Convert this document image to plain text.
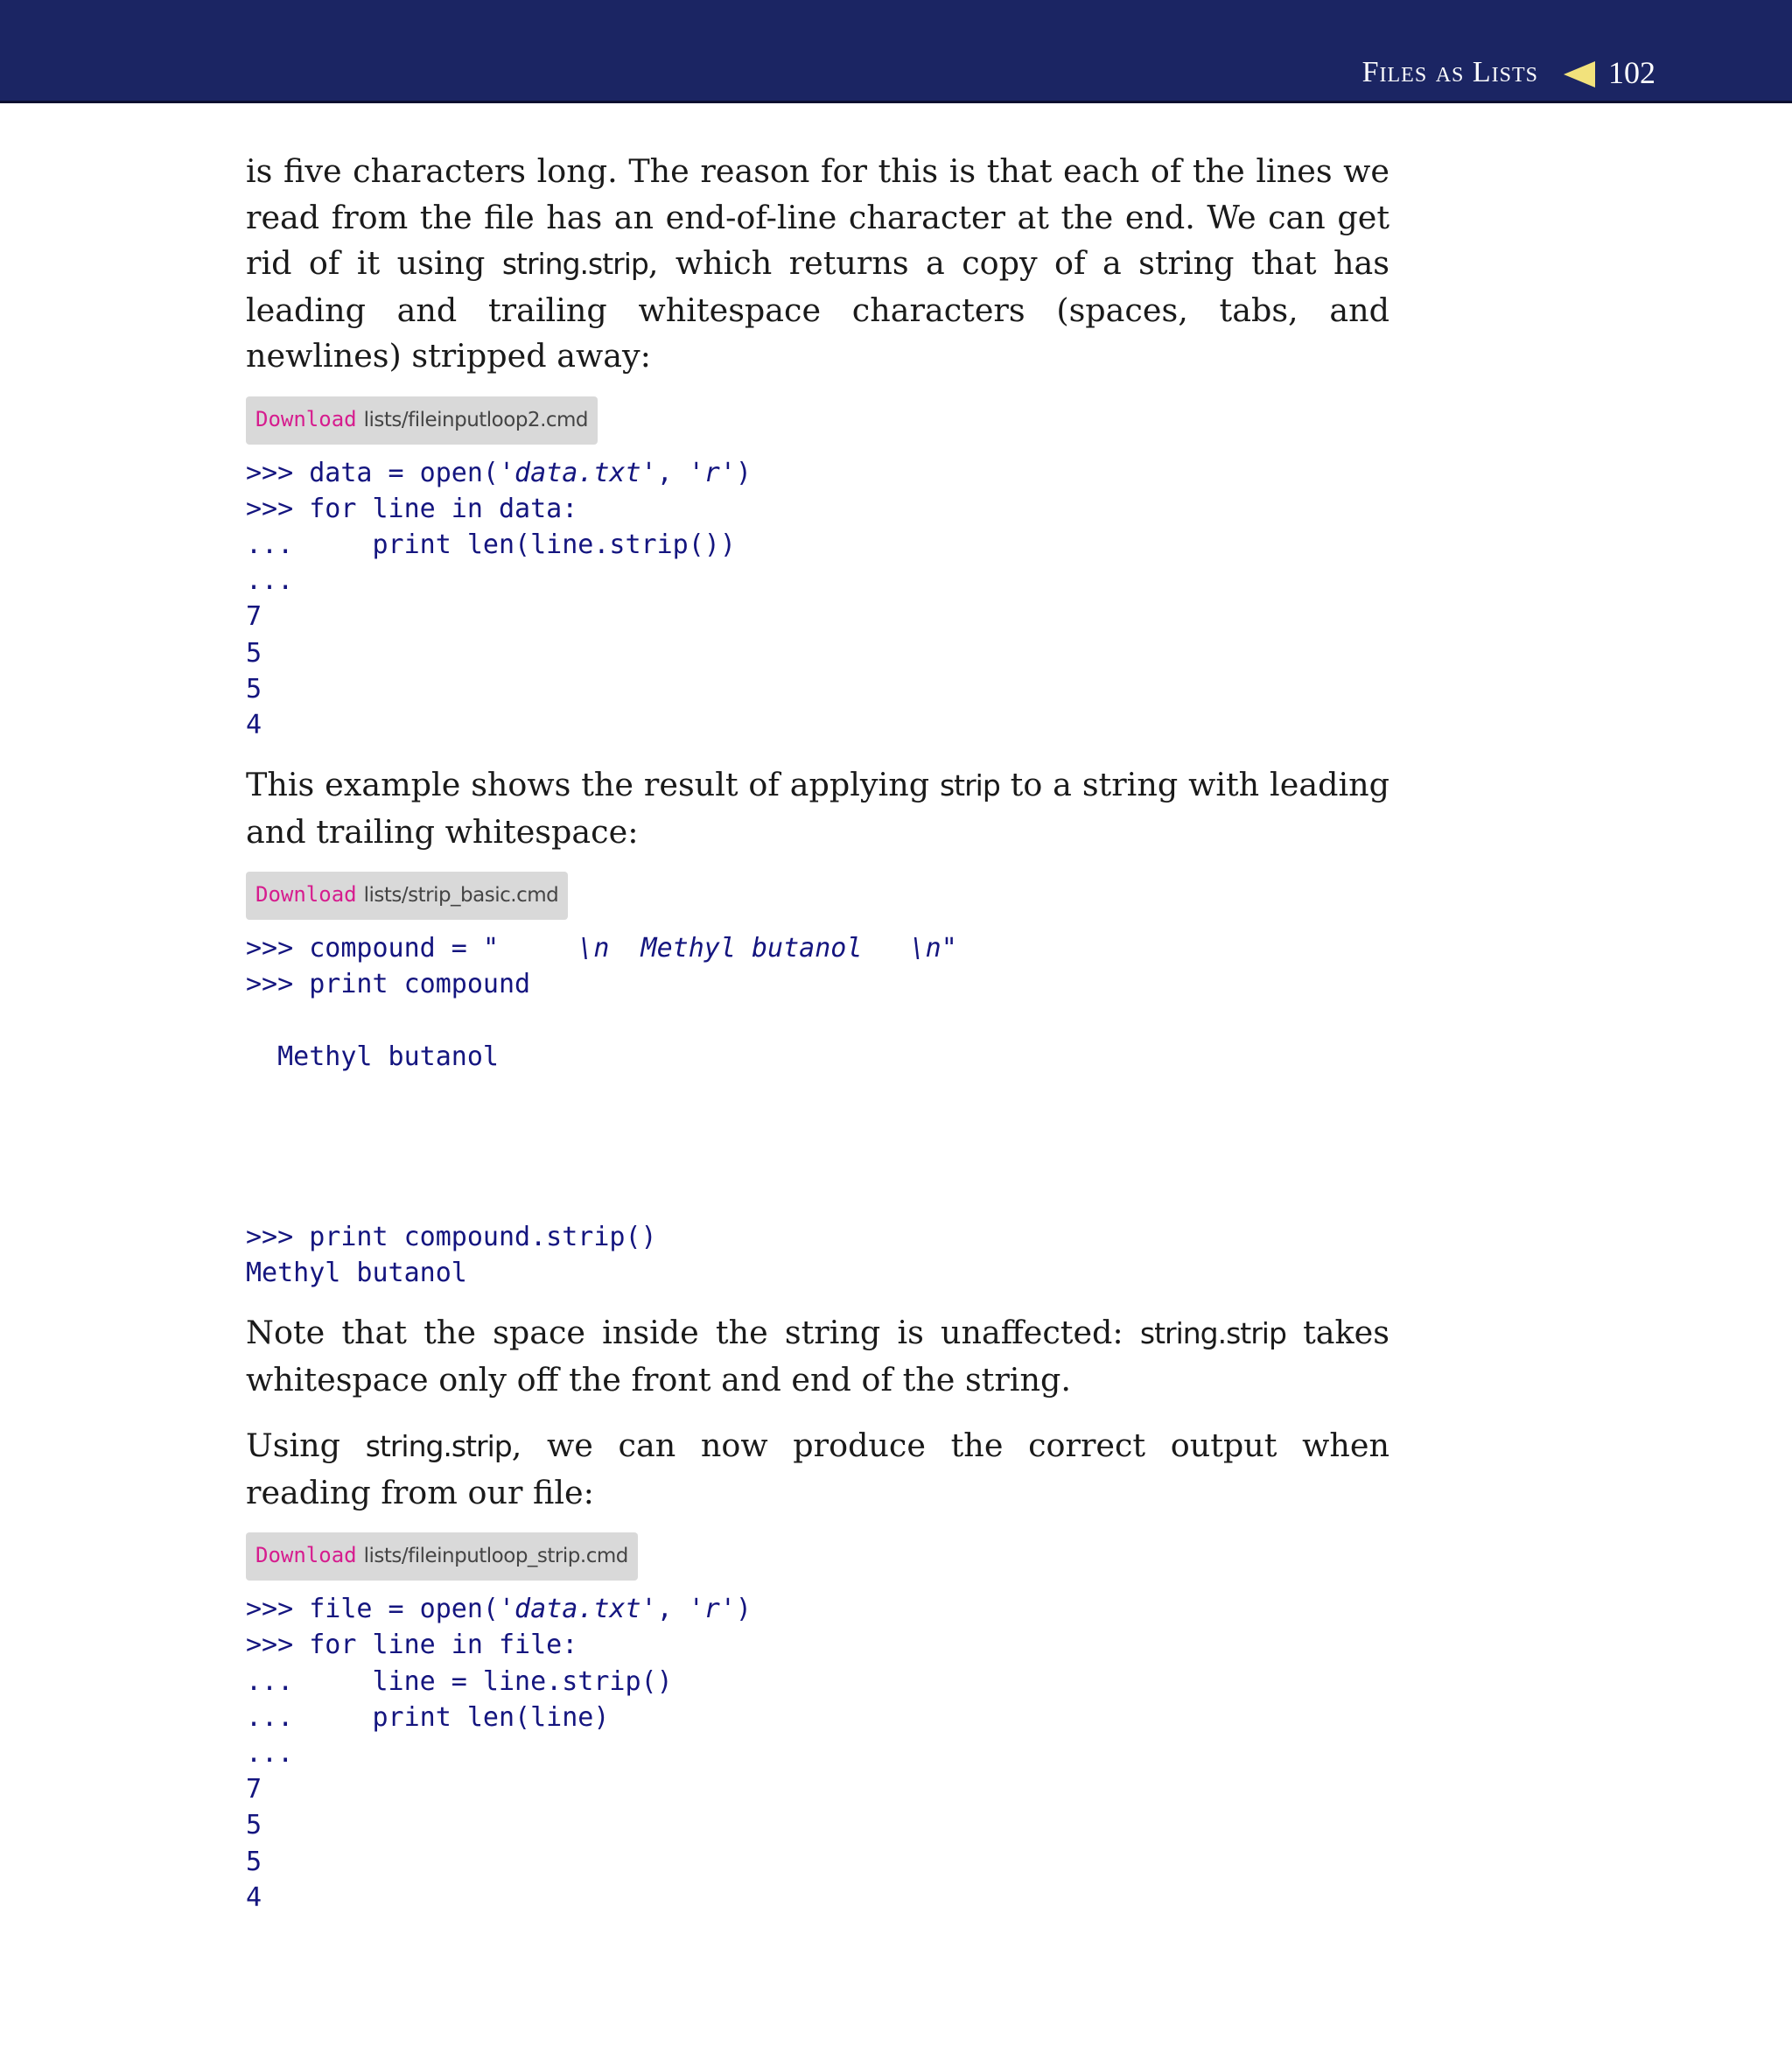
Files as Lists 102

is five characters long. The reason for this is that each of the lines we read from the file has an end-of-line character at the end. We can get rid of it using string.strip, which returns a copy of a string that has leading and trailing whitespace characters (spaces, tabs, and newlines) stripped away:

Download lists/fileinputloop2.cmd
>>> data = open('data.txt', 'r')
>>> for line in data:
...     print len(line.strip())
...
7
5
5
4

This example shows the result of applying strip to a string with leading and trailing whitespace:

Download lists/strip_basic.cmd
>>> compound = "     \n  Methyl butanol   \n"
>>> print compound

Methyl butanol

>>> print compound.strip()
Methyl butanol

Note that the space inside the string is unaffected: string.strip takes whitespace only off the front and end of the string.

Using string.strip, we can now produce the correct output when reading from our file:

Download lists/fileinputloop_strip.cmd
>>> file = open('data.txt', 'r')
>>> for line in file:
...     line = line.strip()
...     print len(line)
...
7
5
5
4
